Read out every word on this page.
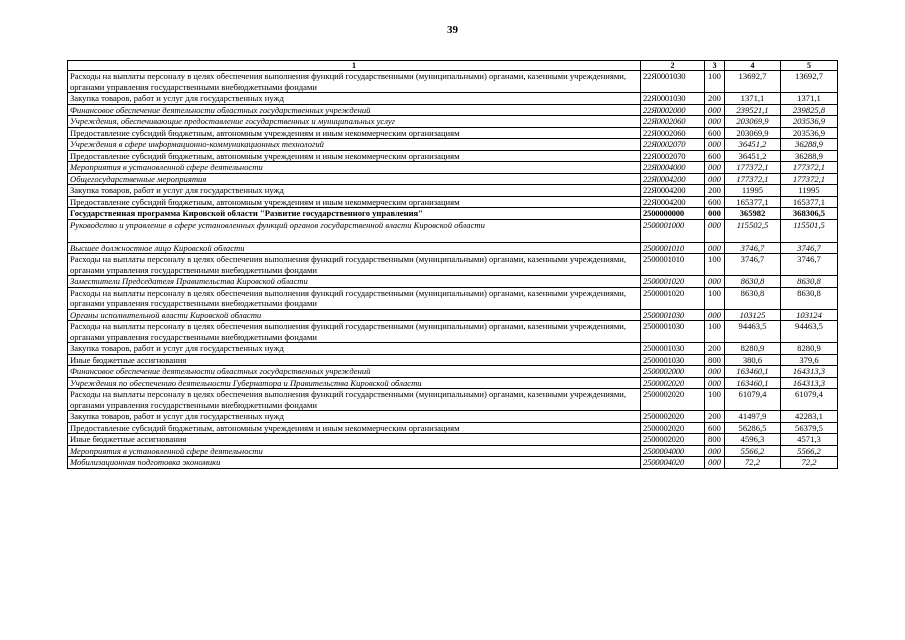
39
1	2	3	4	5
Расходы на выплаты персоналу в целях обеспечения выполнения функций государственными (муниципальными) органами, казенными учреждениями, органами управления государственными внебюджетными фондами	22Я0001030	100	13692,7	13692,7
Закупка товаров, работ и услуг для государственных нужд	22Я0001030	200	1371,1	1371,1
Финансовое обеспечение деятельности областных государственных учреждений	22Я0002000	000	239521,1	239825,8
Учреждения, обеспечивающие предоставление государственных и муниципальных услуг	22Я0002060	000	203069,9	203536,9
Предоставление субсидий бюджетным, автономным учреждениям и иным некоммерческим организациям	22Я0002060	600	203069,9	203536,9
Учреждения в сфере информационно-коммуникационных технологий	22Я0002070	000	36451,2	36288,9
Предоставление субсидий бюджетным, автономным учреждениям и иным некоммерческим организациям	22Я0002070	600	36451,2	36288,9
Мероприятия в установленной сфере деятельности	22Я0004000	000	177372,1	177372,1
Общегосударственные мероприятия	22Я0004200	000	177372,1	177372,1
Закупка товаров, работ и услуг для государственных нужд	22Я0004200	200	11995	11995
Предоставление субсидий бюджетным, автономным учреждениям и иным некоммерческим организациям	22Я0004200	600	165377,1	165377,1
Государственная программа Кировской области "Развитие государственного управления"	2500000000	000	365982	368306,5
Руководство и управление в сфере установленных функций органов государственной власти Кировской области	2500001000	000	115502,5	115501,5
Высшее должностное лицо Кировской области	2500001010	000	3746,7	3746,7
Расходы на выплаты персоналу в целях обеспечения выполнения функций государственными (муниципальными) органами, казенными учреждениями, органами управления государственными внебюджетными фондами	2500001010	100	3746,7	3746,7
Заместители Председателя Правительства Кировской области	2500001020	000	8630,8	8630,8
Расходы на выплаты персоналу в целях обеспечения выполнения функций государственными (муниципальными) органами, казенными учреждениями, органами управления государственными внебюджетными фондами	2500001020	100	8630,8	8630,8
Органы исполнительной власти Кировской области	2500001030	000	103125	103124
Расходы на выплаты персоналу в целях обеспечения выполнения функций государственными (муниципальными) органами, казенными учреждениями, органами управления государственными внебюджетными фондами	2500001030	100	94463,5	94463,5
Закупка товаров, работ и услуг для государственных нужд	2500001030	200	8280,9	8280,9
Иные бюджетные ассигнования	2500001030	800	380,6	379,6
Финансовое обеспечение деятельности областных государственных учреждений	2500002000	000	163460,1	164313,3
Учреждения по обеспечению деятельности Губернатора и Правительства Кировской области	2500002020	000	163460,1	164313,3
Расходы на выплаты персоналу в целях обеспечения выполнения функций государственными (муниципальными) органами, казенными учреждениями, органами управления государственными внебюджетными фондами	2500002020	100	61079,4	61079,4
Закупка товаров, работ и услуг для государственных нужд	2500002020	200	41497,9	42283,1
Предоставление субсидий бюджетным, автономным учреждениям и иным некоммерческим организациям	2500002020	600	56286,5	56379,5
Иные бюджетные ассигнования	2500002020	800	4596,3	4571,3
Мероприятия в установленной сфере деятельности	2500004000	000	5566,2	5566,2
Мобилизационная подготовка экономики	2500004020	000	72,2	72,2
